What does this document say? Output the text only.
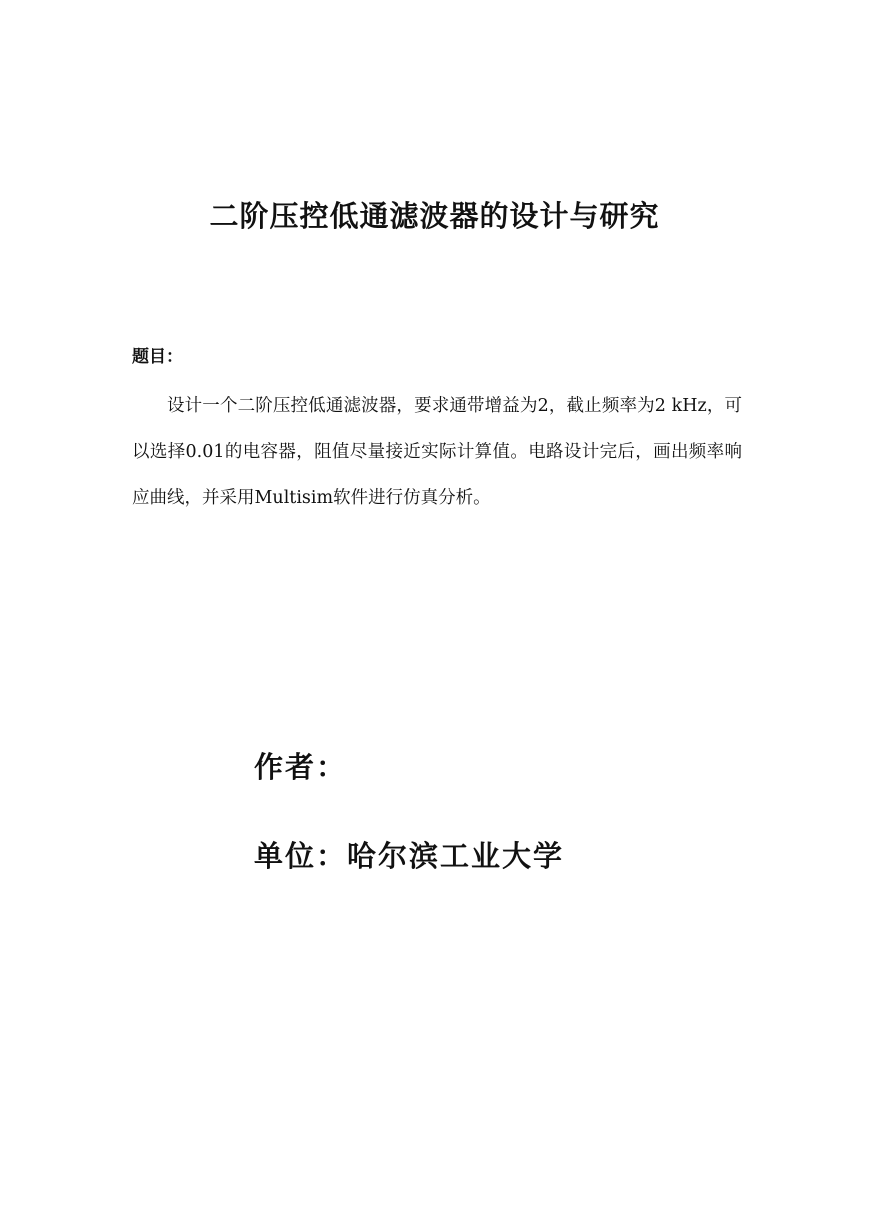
二阶压控低通滤波器的设计与研究

题目：

设计一个二阶压控低通滤波器，要求通带增益为2，截止频率为2 kHz，可以选择0.01的电容器，阻值尽量接近实际计算值。电路设计完后，画出频率响应曲线，并采用Multisim软件进行仿真分析。

作者：

单位：哈尔滨工业大学
